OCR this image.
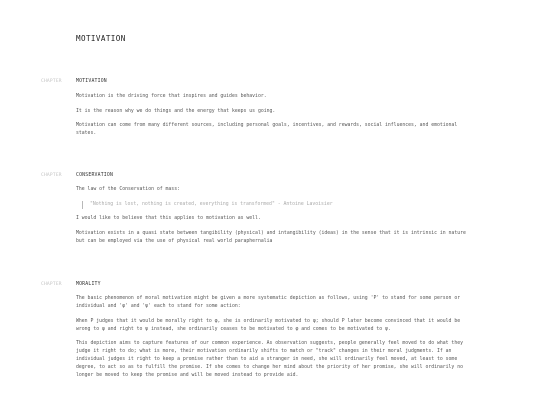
MOTIVATION
CHAPTER	MOTIVATION

Motivation is the driving force that inspires and guides behavior.

It is the reason why we do things and the energy that keeps us going.

Motivation can come from many different sources, including personal goals, incentives, and rewards, social influences, and emotional states.

CHAPTER	CONSERVATION

The law of the Conservation of mass:

"Nothing is lost, nothing is created, everything is transformed" - Antoine Lavoisier

I would like to believe that this applies to motivation as well.

Motivation exists in a quasi state between tangibility (physical) and intangibility (ideas) in the sense that it is intrinsic in nature but can be employed via the use of physical real world paraphernalia

CHAPTER	MORALITY

The basic phenomenon of moral motivation might be given a more systematic depiction as follows, using 'P' to stand for some person or individual and 'φ' and 'ψ' each to stand for some action:

When P judges that it would be morally right to φ, she is ordinarily motivated to φ; should P later become convinced that it would be wrong to φ and right to ψ instead, she ordinarily ceases to be motivated to φ and comes to be motivated to ψ.

This depiction aims to capture features of our common experience. As observation suggests, people generally feel moved to do what they judge it right to do; what is more, their motivation ordinarily shifts to match or "track" changes in their moral judgments. If an individual judges it right to keep a promise rather than to aid a stranger in need, she will ordinarily feel moved, at least to some degree, to act so as to fulfill the promise. If she comes to change her mind about the priority of her promise, she will ordinarily no longer be moved to keep the promise and will be moved instead to provide aid.
